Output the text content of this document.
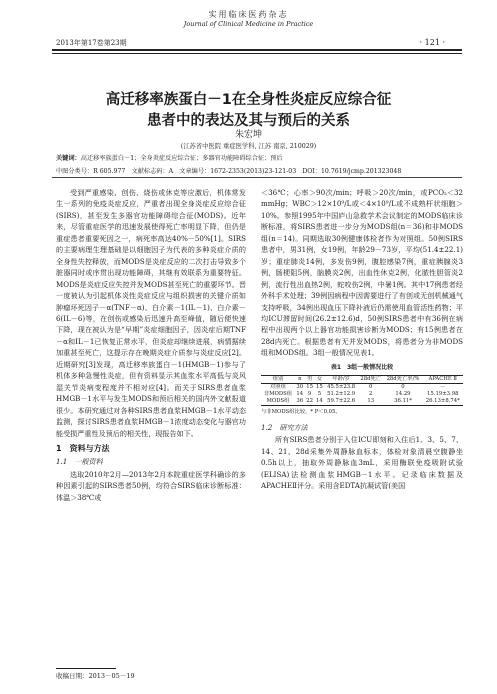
实用临床医药杂志
Journal of Clinical Medicine in Practice
2013年第17卷第23期	· 121 ·
高迁移率族蛋白－1在全身性炎症反应综合征
患者中的表达及其与预后的关系
朱宏坤
(江苏省中医院 重症医学科, 江苏 南京, 210029)
关键词：高迁移率族蛋白－1；全身炎症反应综合征；多器官功能障碍综合征；预后
中图分类号：R 605.977　文献标志码：A　文章编号：1672-2353(2013)23-121-03　DOI：10.7619/jcmp.201323048

受到严重感染、创伤、烧伤或休克等应激后，机体常发生一系列的免疫炎症反应，严重者出现全身炎症反应综合征(SIRS)，甚至发生多器官功能障碍综合征(MODS)。近年来，尽管重症医学的迅速发展使得死亡率明显下降，但仍是重症患者重要死因之一，病死率高达40%－50%[1]。SIRS的主要病理生理基础是以细胞因子为代表的多种炎症介质的全身性失控释放，而MODS是炎症反应的二次打击导致多个脏器同时或序贯出现功能障碍，其继有效联系为重要特征。MODS是炎症反应失控并发MODS甚至死亡的重要环节。晋一度被认为引起机体炎性炎症反应与组织损害的关键介质如肿瘤坏死因子－α(TNF－α)、白介素－1(IL－1)、白介素－6(IL－6)等，在创伤或感染后迅速升高至峰值，随后便快速下降，现在被认为是“早期”炎症细胞因子，因炎症后期TNF－α和IL－1已恢复正常水平，但炎症却继续进展，病情据续加重甚至死亡，这提示存在晚期炎症介质参与炎症反应[2]。近期研究[3]发现，高迁移率族蛋白－1(HMGB－1)参与了机体多种急慢性炎症，但有资料显示其血浆水平高低与炎风湿关节炎病变程度并不相对应[4]。而关于SIRS患者血浆HMGB－1水平与发生MODS和预后相关的国内外文献报道很少。本研究通过对各种SIRS患者血浆HMGB－1水平动态监测，探讨SIRS患者血浆HMGB－1浓度动态变化与器官功能受损严重性及预后的相关性，现报告如下。

1　资料与方法
1.1　一般资料

选取2010年2月—2013年2月本院重症医学科确诊的多种因素引起的SIRS患者50例，均符合SIRS临床诊断标准：体温＞38℃或

＜36℃；心率＞90次/min；呼吸＞20次/min，或PCO₂＜32 mmHg；WBC＞12×10⁹/L或＜4×10⁹/L或不成熟杆状细胞＞10%。参照1995年中国庐山急救学术会议制定的MODS临床诊断标准，将SIRS患者进一步分为MODS组(n＝36)和非MODS组(n＝14)。同期选取30例健康体检者作为对照组。50例SIRS患者中，男31例，女19例，年龄29－73岁，平均(51.4±22.1)岁；重症肺炎14例，多发伤9例，腹腔感染7例，重症胰腺炎3例，肠梗阻5例，脑膜炎2例，出血性休克2例，化脓性胆管炎2例，流行性出血热2例，蛇咬伤2例，中暑1例。其中17例患者经外科手术处理；39例因病程中因需要进行了有创或无创机械通气支持呼吸，34例出现血压下降补液后仍需使用血管活性药物；平均ICU滞留时间(26.2±12.6)d，50例SIRS患者中有36例在病程中出现两个以上器官功能损害诊断为MODS；有15例患者在28d内死亡。根据患者有无并发MODS，将患者分为非MODS组和MODS组。3组一般情况见表1。

表1　3组一般情况比较
组别	n	男	女	年龄/岁	28d死亡	28d死亡率/%	APACHE Ⅱ
对照组	30	15	15	45.5±23.8	0	0	－
非MODS组	14	9	5	51.2±12.9	2	14.29	15.19±3.98
MODS组	36	22	14	59.7±22.6	13	36.11*	26.13±8.74*
与非MODS组比较，* P＜0.05。
1.2　研究方法

所有SIRS患者分别于入住ICU即刻和入住后1、3、5、7、14、21、28d采集外周静脉血标本，体检对象清晨空腹静坐0.5h以上，抽取外周静脉血3mL，采用酶联免疫吸附试验(ELISA)法检测血浆HMGB－1水平。记录临床数据及APACHEⅡ评分。采用含EDTA抗凝试管(美国

收稿日期：2013－05－19
